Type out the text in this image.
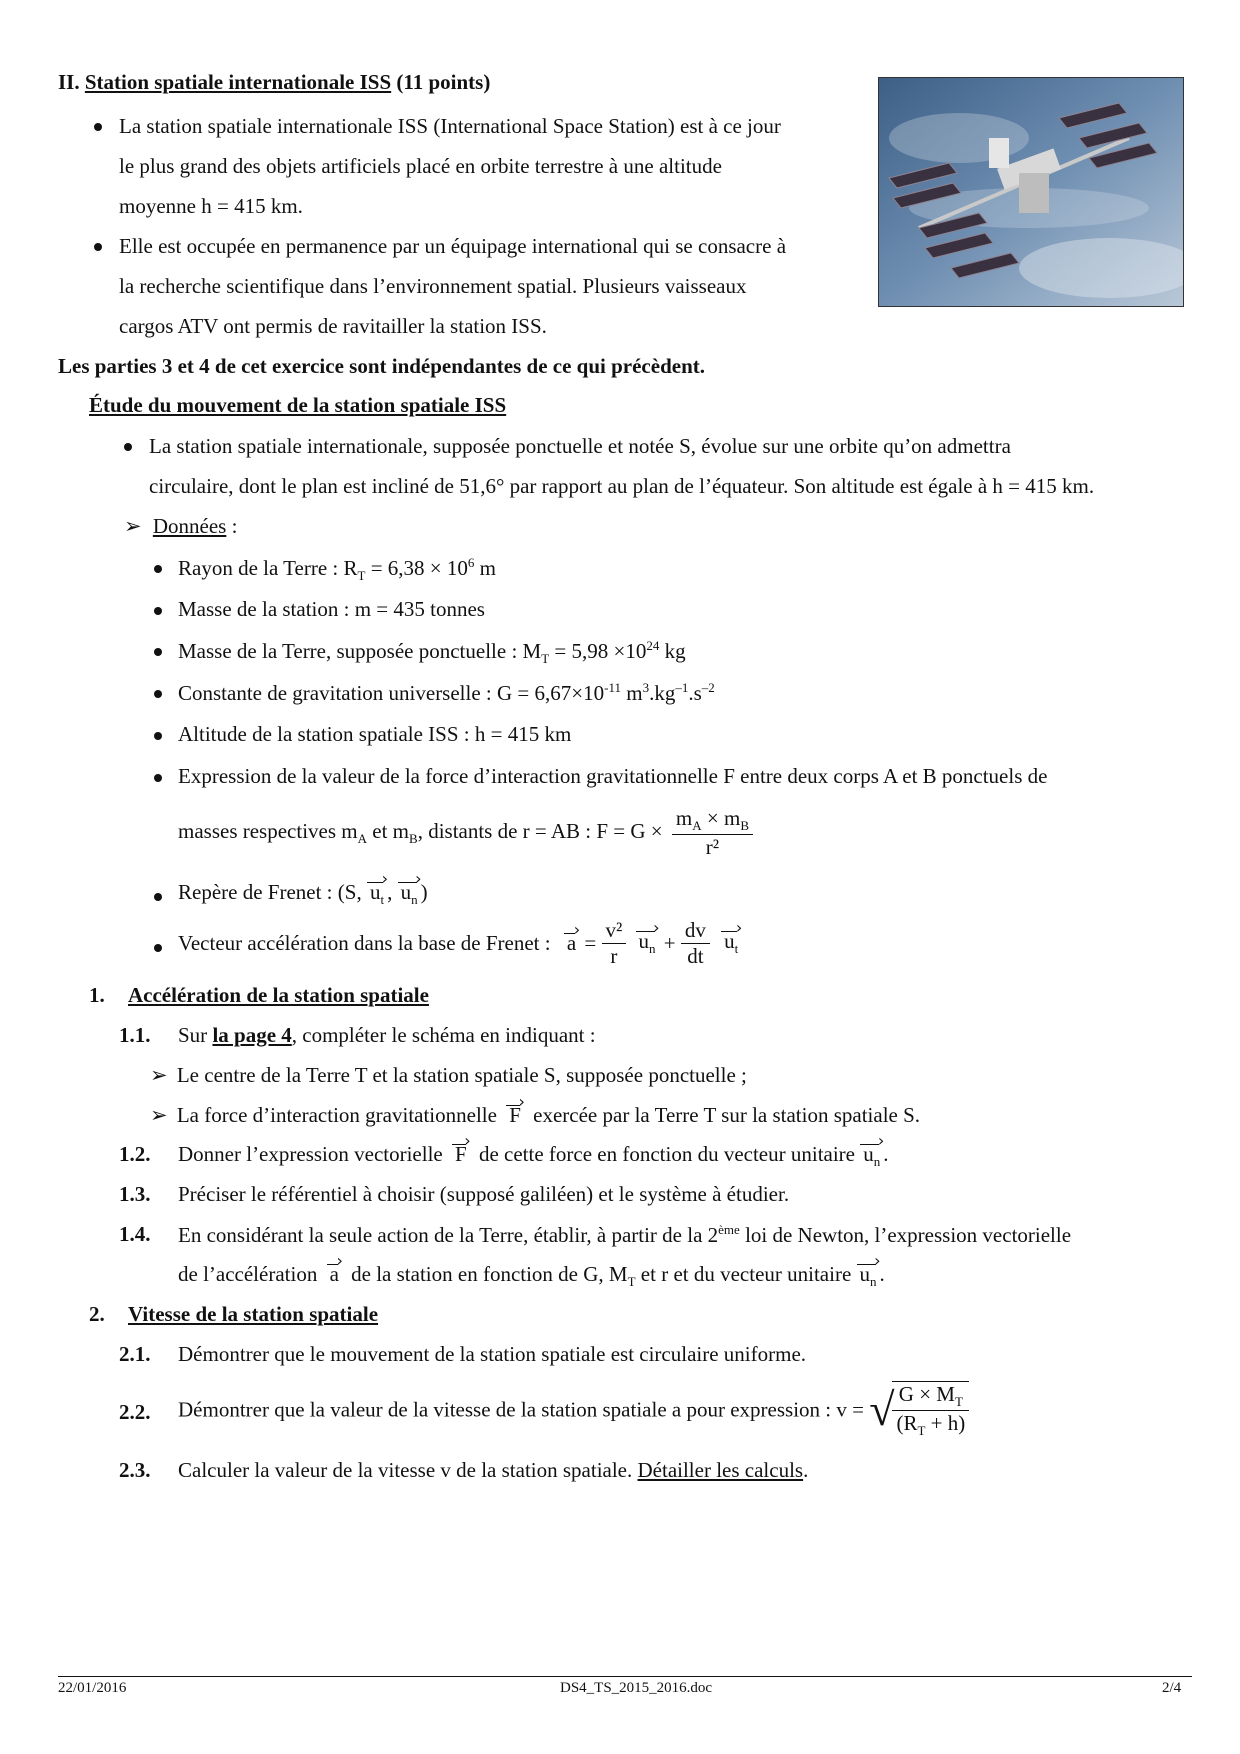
II. Station spatiale internationale ISS (11 points)
La station spatiale internationale ISS (International Space Station) est à ce jour
le plus grand des objets artificiels placé en orbite terrestre à une altitude
moyenne h = 415 km.
Elle est occupée en permanence par un équipage international qui se consacre à
la recherche scientifique dans l’environnement spatial. Plusieurs vaisseaux
cargos ATV ont permis de ravitailler la station ISS.
Les parties 3 et 4 de cet exercice sont indépendantes de ce qui précèdent.
Étude du mouvement de la station spatiale ISS
La station spatiale internationale, supposée ponctuelle et notée S, évolue sur une orbite qu’on admettra
circulaire, dont le plan est incliné de 51,6° par rapport au plan de l’équateur. Son altitude est égale à h = 415 km.
➢ Données :
Rayon de la Terre : $R_T = 6,38 \times 10^6$ m
Masse de la station : m = 435 tonnes
Masse de la Terre, supposée ponctuelle : $M_T = 5,98 \times 10^{24}$ kg
Constante de gravitation universelle : $G = 6,67\times 10^{-11}$ $m^3.kg^{-1}.s^{-2}$
Altitude de la station spatiale ISS : h = 415 km
Expression de la valeur de la force d’interaction gravitationnelle F entre deux corps A et B ponctuels de
masses respectives $m_A$ et $m_B$, distants de r = AB : $F = G \times \frac{m_A \times m_B}{\text{r²}}$
Repère de Frenet : (S, $u_t$ › , $u_n$ › )
Vecteur accélération dans la base de Frenet : a › = $\frac{\text{v²}}{r} u_n$ › + $\frac{dv}{dt} u_t$ ›
1. Accélération de la station spatiale
1.1. Sur la page 4, compléter le schéma en indiquant :
➢ Le centre de la Terre T et la station spatiale S, supposée ponctuelle ;
➢ La force d’interaction gravitationnelle F › exercée par la Terre T sur la station spatiale S.
1.2. Donner l’expression vectorielle F › de cette force en fonction du vecteur unitaire $u_n$ › .
1.3. Préciser le référentiel à choisir (supposé galiléen) et le système à étudier.
1.4. En considérant la seule action de la Terre, établir, à partir de la 2ème loi de Newton, l’expression vectorielle
de l’accélération a › de la station en fonction de G, $M_T$ et r et du vecteur unitaire $u_n$ › .
2. Vitesse de la station spatiale
2.1. Démontrer que le mouvement de la station spatiale est circulaire uniforme.
2.2. Démontrer que la valeur de la vitesse de la station spatiale a pour expression : v = √
$\frac{G \times M_T}{(R_T + h)}$
2.3. Calculer la valeur de la vitesse v de la station spatiale. Détailler les calculs.
22/01/2016	DS4_TS_2015_2016.doc	2/4
